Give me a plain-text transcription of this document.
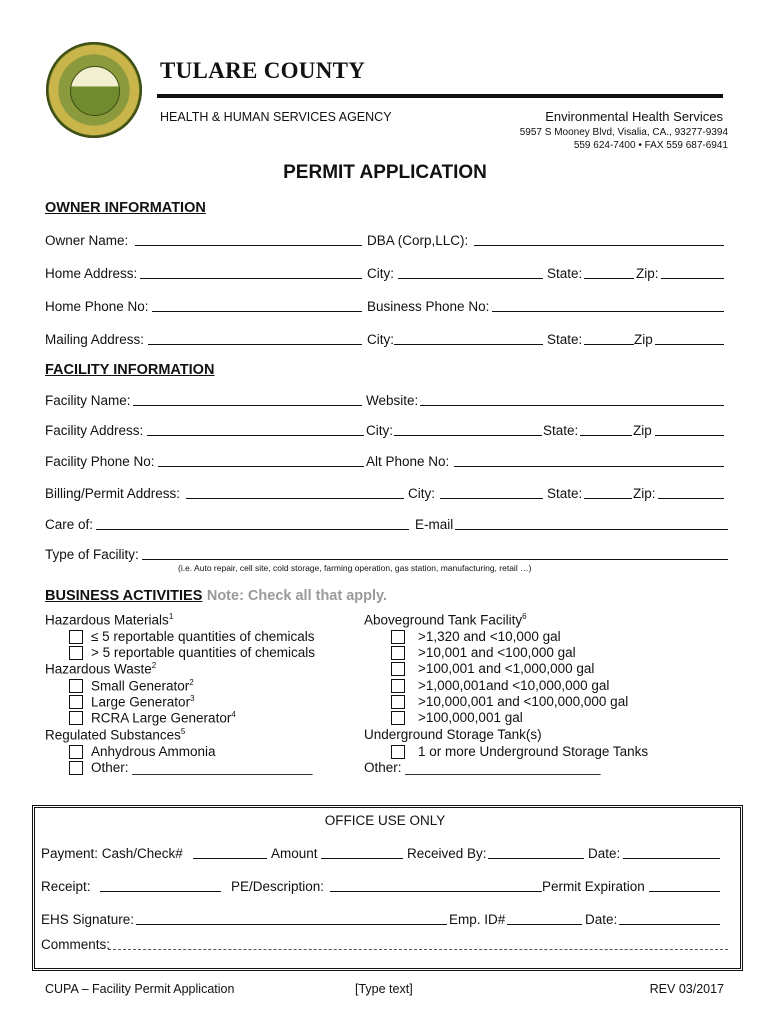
TULARE COUNTY
HEALTH & HUMAN SERVICES AGENCY	Environmental Health Services
5957 S Mooney Blvd, Visalia, CA., 93277-9394
559 624-7400 • FAX 559 687-6941
PERMIT APPLICATION
OWNER INFORMATION
Owner Name:	DBA (Corp,LLC):
Home Address:	City:	State:	Zip:
Home Phone No:	Business Phone No:
Mailing Address:	City:	State:	Zip
FACILITY INFORMATION
Facility Name:	Website:
Facility Address:	City:	State:	Zip
Facility Phone No:	Alt Phone No:
Billing/Permit Address:	City:	State:	Zip:
Care of:	E-mail
Type of Facility:
(i.e. Auto repair, cell site, cold storage, farming operation, gas station, manufacturing, retail …)
BUSINESS ACTIVITIES Note: Check all that apply.
Hazardous Materials$^1$
≤ 5 reportable quantities of chemicals
> 5 reportable quantities of chemicals
Hazardous Waste$^2$
Small Generator$^2$
Large Generator$^3$
RCRA Large Generator$^4$
Regulated Substances$^5$
Anhydrous Ammonia
Other: ________________________
Aboveground Tank Facility$^6$
>1,320 and <10,000 gal
>10,001 and <100,000 gal
>100,001 and <1,000,000 gal
>1,000,001and <10,000,000 gal
>10,000,001 and <100,000,000 gal
>100,000,001 gal
Underground Storage Tank(s)
1 or more Underground Storage Tanks
Other: __________________________
OFFICE USE ONLY
Payment: Cash/Check#	Amount	Received By:	Date:
Receipt:	PE/Description:	Permit Expiration
EHS Signature:	Emp. ID#	Date:
Comments:
CUPA – Facility Permit Application	[Type text]	REV 03/2017
